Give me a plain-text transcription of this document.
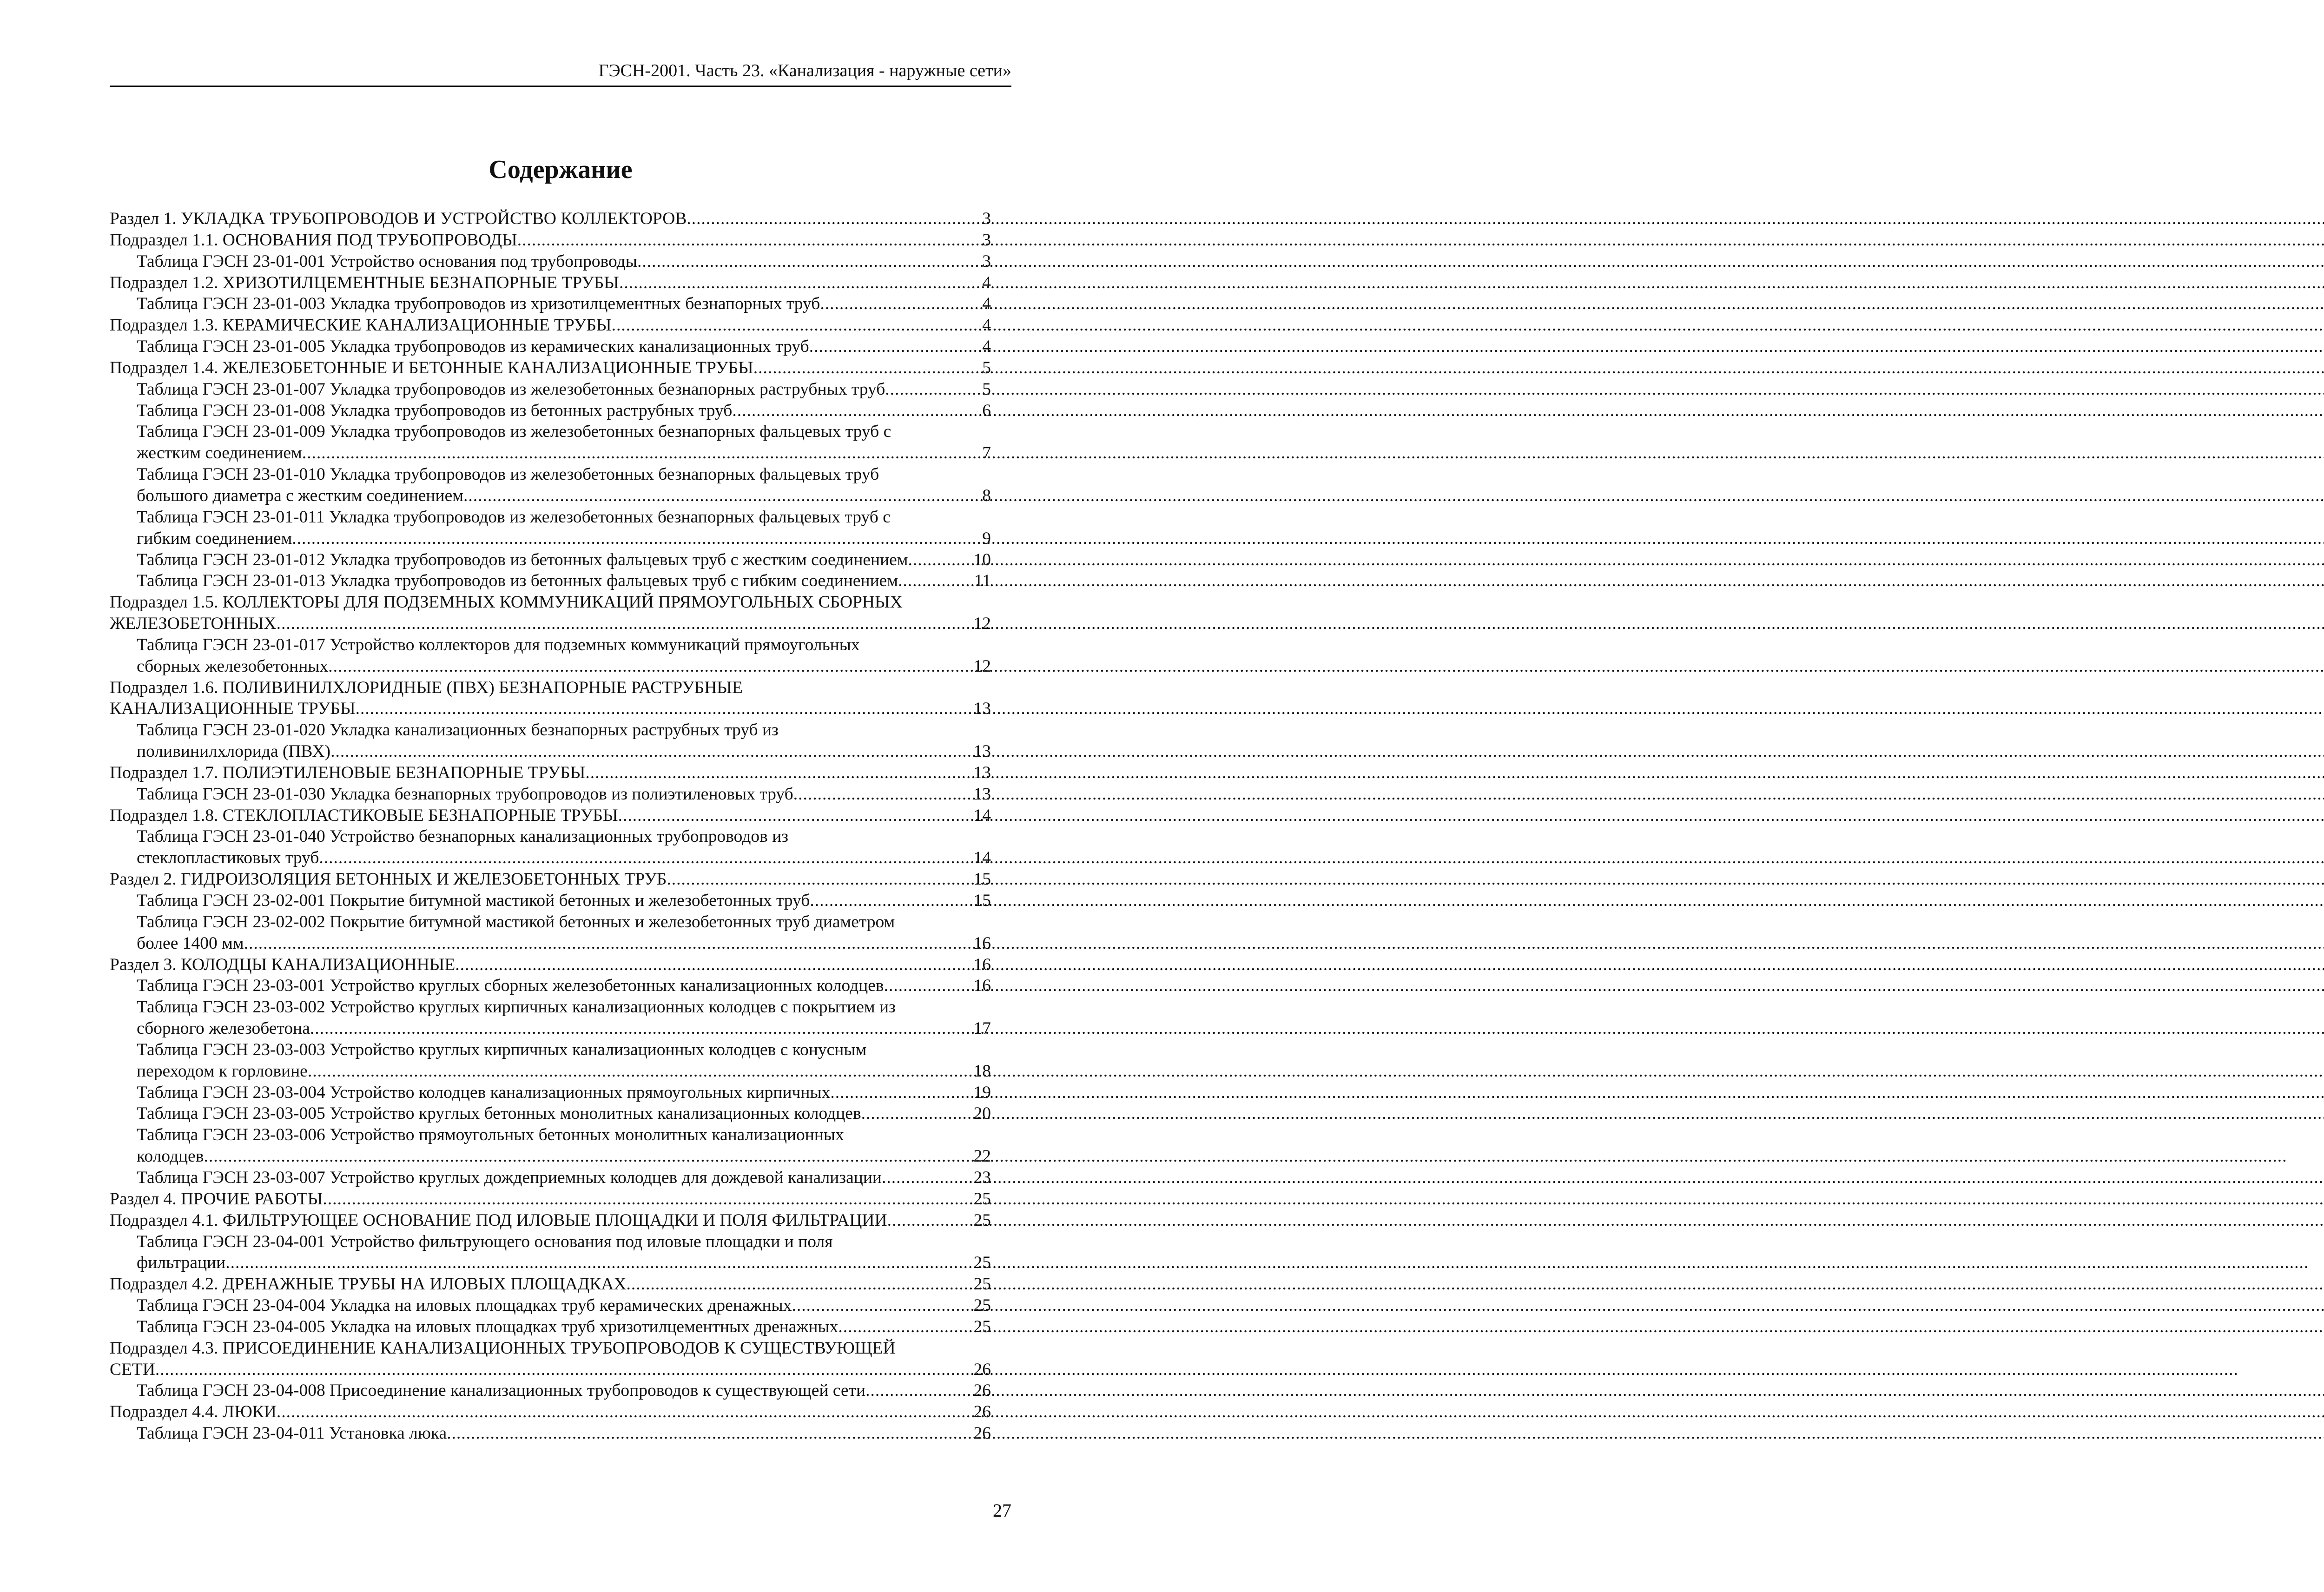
ГЭСН-2001. Часть 23. «Канализация - наружные сети»
Содержание
Раздел 1. УКЛАДКА ТРУБОПРОВОДОВ И УСТРОЙСТВО КОЛЛЕКТОРОВ .....	3
Подраздел 1.1. ОСНОВАНИЯ ПОД ТРУБОПРОВОДЫ .....	3
Таблица ГЭСН 23-01-001 Устройство основания под трубопроводы .....	3
Подраздел 1.2. ХРИЗОТИЛЦЕМЕНТНЫЕ БЕЗНАПОРНЫЕ ТРУБЫ .....	4
Таблица ГЭСН 23-01-003 Укладка трубопроводов из хризотилцементных безнапорных труб .....	4
Подраздел 1.3. КЕРАМИЧЕСКИЕ КАНАЛИЗАЦИОННЫЕ ТРУБЫ .....	4
Таблица ГЭСН 23-01-005 Укладка трубопроводов из керамических канализационных труб .....	4
Подраздел 1.4. ЖЕЛЕЗОБЕТОННЫЕ И БЕТОННЫЕ КАНАЛИЗАЦИОННЫЕ ТРУБЫ .....	5
Таблица ГЭСН 23-01-007 Укладка трубопроводов из железобетонных безнапорных раструбных труб .....	5
Таблица ГЭСН 23-01-008 Укладка трубопроводов из бетонных раструбных труб .....	6
Таблица ГЭСН 23-01-009 Укладка трубопроводов из железобетонных безнапорных фальцевых труб с
жестким соединением .....	7
Таблица ГЭСН 23-01-010 Укладка трубопроводов из железобетонных безнапорных фальцевых труб
большого диаметра с жестким соединением .....	8
Таблица ГЭСН 23-01-011 Укладка трубопроводов из железобетонных безнапорных фальцевых труб с
гибким соединением .....	9
Таблица ГЭСН 23-01-012 Укладка трубопроводов из бетонных фальцевых труб с жестким соединением .....	10
Таблица ГЭСН 23-01-013 Укладка трубопроводов из бетонных фальцевых труб с гибким соединением .....	11
Подраздел 1.5. КОЛЛЕКТОРЫ ДЛЯ ПОДЗЕМНЫХ КОММУНИКАЦИЙ ПРЯМОУГОЛЬНЫХ СБОРНЫХ
ЖЕЛЕЗОБЕТОННЫХ .....	12
Таблица ГЭСН 23-01-017 Устройство коллекторов для подземных коммуникаций прямоугольных
сборных железобетонных .....	12
Подраздел 1.6. ПОЛИВИНИЛХЛОРИДНЫЕ (ПВХ) БЕЗНАПОРНЫЕ РАСТРУБНЫЕ
КАНАЛИЗАЦИОННЫЕ ТРУБЫ .....	13
Таблица ГЭСН 23-01-020 Укладка канализационных безнапорных раструбных труб из
поливинилхлорида (ПВХ) .....	13
Подраздел 1.7. ПОЛИЭТИЛЕНОВЫЕ БЕЗНАПОРНЫЕ ТРУБЫ .....	13
Таблица ГЭСН 23-01-030 Укладка безнапорных трубопроводов из полиэтиленовых труб .....	13
Подраздел 1.8. СТЕКЛОПЛАСТИКОВЫЕ БЕЗНАПОРНЫЕ ТРУБЫ .....	14
Таблица ГЭСН 23-01-040 Устройство безнапорных канализационных трубопроводов из
стеклопластиковых труб .....	14
Раздел 2. ГИДРОИЗОЛЯЦИЯ БЕТОННЫХ И ЖЕЛЕЗОБЕТОННЫХ ТРУБ .....	15
Таблица ГЭСН 23-02-001 Покрытие битумной мастикой бетонных и железобетонных труб .....	15
Таблица ГЭСН 23-02-002 Покрытие битумной мастикой бетонных и железобетонных труб диаметром
более 1400 мм .....	16
Раздел 3. КОЛОДЦЫ КАНАЛИЗАЦИОННЫЕ .....	16
Таблица ГЭСН 23-03-001 Устройство круглых сборных железобетонных канализационных колодцев .....	16
Таблица ГЭСН 23-03-002 Устройство круглых кирпичных канализационных колодцев с покрытием из
сборного железобетона .....	17
Таблица ГЭСН 23-03-003 Устройство круглых кирпичных канализационных колодцев с конусным
переходом к горловине .....	18
Таблица ГЭСН 23-03-004 Устройство колодцев канализационных прямоугольных кирпичных .....	19
Таблица ГЭСН 23-03-005 Устройство круглых бетонных монолитных канализационных колодцев .....	20
Таблица ГЭСН 23-03-006 Устройство прямоугольных бетонных монолитных канализационных
колодцев .....	22
Таблица ГЭСН 23-03-007 Устройство круглых дождеприемных колодцев для дождевой канализации .....	23
Раздел 4. ПРОЧИЕ РАБОТЫ .....	25
Подраздел 4.1. ФИЛЬТРУЮЩЕЕ ОСНОВАНИЕ ПОД ИЛОВЫЕ ПЛОЩАДКИ И ПОЛЯ ФИЛЬТРАЦИИ .....	25
Таблица ГЭСН 23-04-001 Устройство фильтрующего основания под иловые площадки и поля
фильтрации .....	25
Подраздел 4.2. ДРЕНАЖНЫЕ ТРУБЫ НА ИЛОВЫХ ПЛОЩАДКАХ .....	25
Таблица ГЭСН 23-04-004 Укладка на иловых площадках труб керамических дренажных .....	25
Таблица ГЭСН 23-04-005 Укладка на иловых площадках труб хризотилцементных дренажных .....	25
Подраздел 4.3. ПРИСОЕДИНЕНИЕ КАНАЛИЗАЦИОННЫХ ТРУБОПРОВОДОВ К СУЩЕСТВУЮЩЕЙ
СЕТИ .....	26
Таблица ГЭСН 23-04-008 Присоединение канализационных трубопроводов к существующей сети .....	26
Подраздел 4.4. ЛЮКИ .....	26
Таблица ГЭСН 23-04-011 Установка люка .....	26
27
